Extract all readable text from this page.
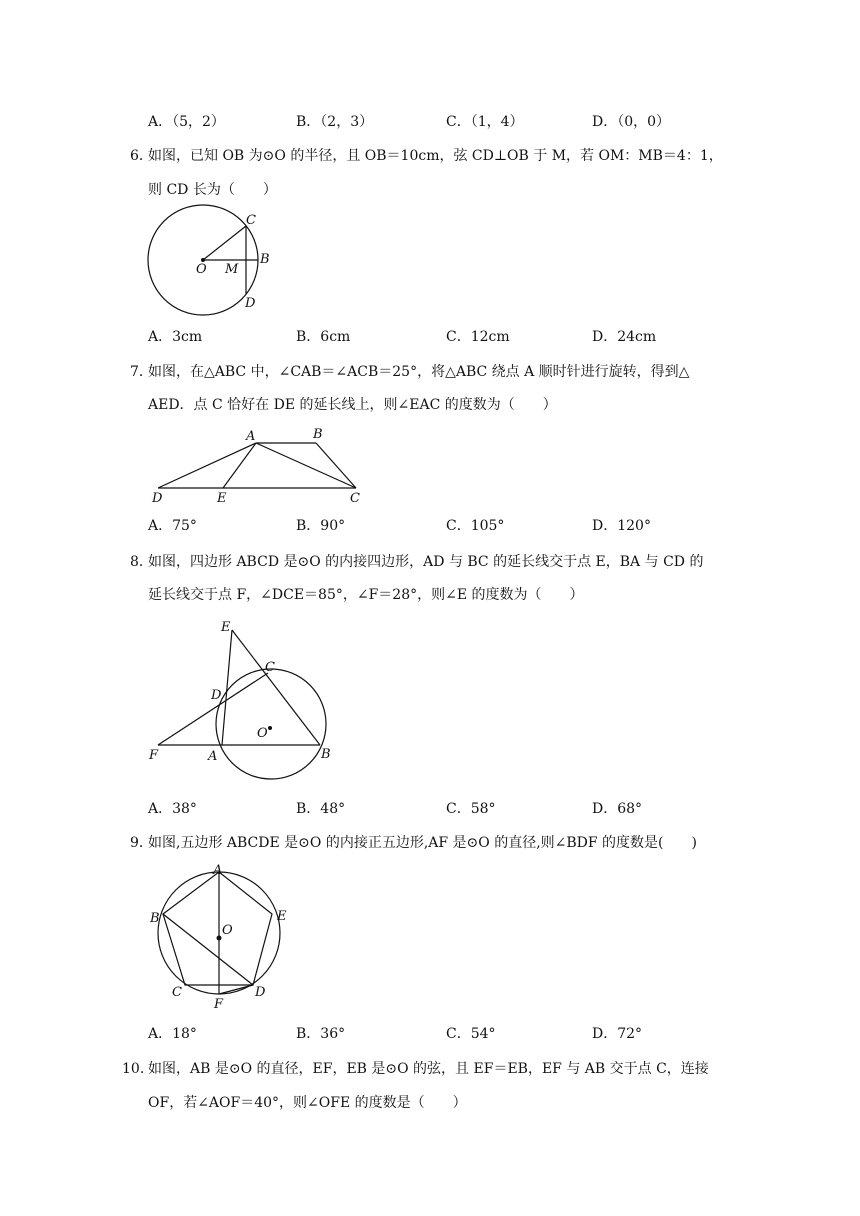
A．（5，2）	B．（2，3）	C．（1，4）	D．（0，0）
6．
如图，已知 OB 为⊙O 的半径，且 OB＝10cm，弦 CD⊥OB 于 M，若 OM：MB＝4：1，
则 CD 长为（　　）
C
O M
B
D
A．3cm	B．6cm	C．12cm	D．24cm
7．
如图，在△ABC 中，∠CAB＝∠ACB＝25°，将△ABC 绕点 A 顺时针进行旋转，得到△
AED．点 C 恰好在 DE 的延长线上，则∠EAC 的度数为（　　）
A	B
D	E	C
A．75°	B．90°	C．105°	D．120°
8．
如图，四边形 ABCD 是⊙O 的内接四边形，AD 与 BC 的延长线交于点 E，BA 与 CD 的
延长线交于点 F，∠DCE＝85°，∠F＝28°，则∠E 的度数为（　　）
E
C
D
O
F	A	B
A．38°	B．48°	C．58°	D．68°
9．
如图,五边形 ABCDE 是⊙O 的内接正五边形,AF 是⊙O 的直径,则∠BDF 的度数是(　　)
A
B	E
O
C
F
D
A．18°	B．36°	C．54°	D．72°
10．
如图，AB 是⊙O 的直径，EF，EB 是⊙O 的弦，且 EF＝EB，EF 与 AB 交于点 C，连接
OF，若∠AOF＝40°，则∠OFE 的度数是（　　）
